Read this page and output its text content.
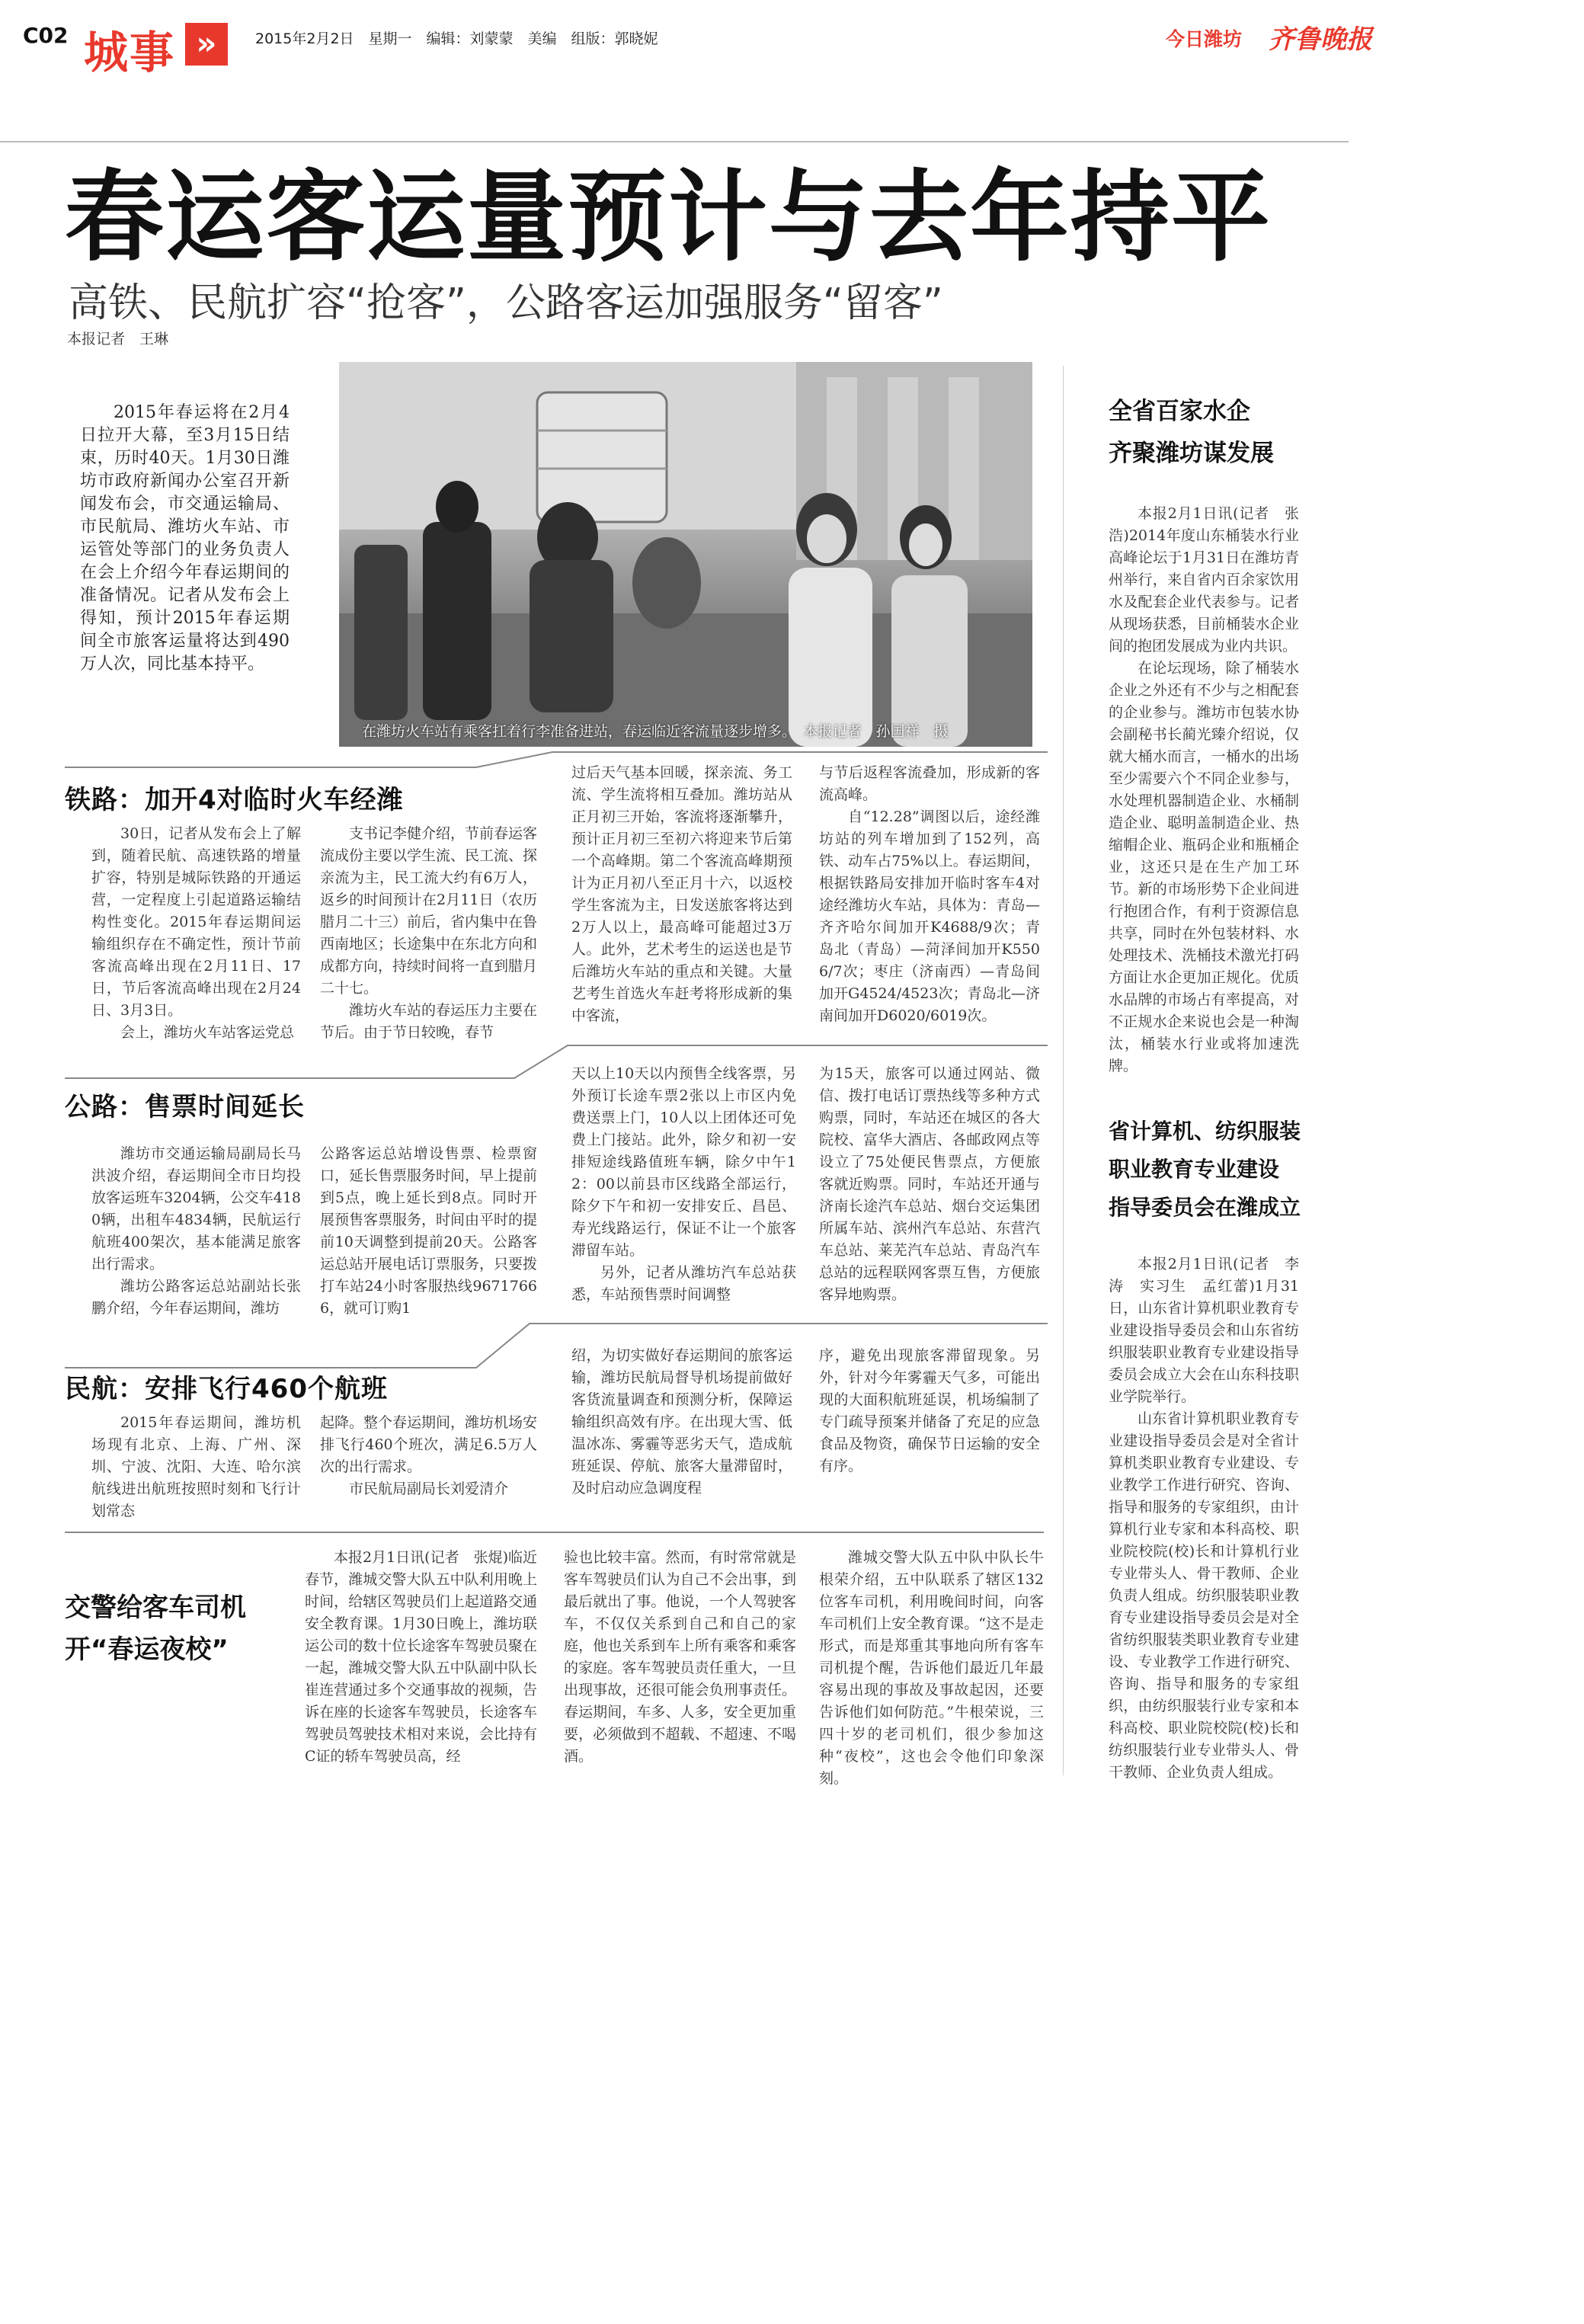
C02 城事 »	2015年2月2日　星期一　编辑：刘蒙蒙　美编　组版：郭晓妮	今日潍坊 齐鲁晚报
春运客运量预计与去年持平
高铁、民航扩容“抢客”，公路客运加强服务“留客”
本报记者　王琳
2015年春运将在2月4日拉开大幕，至3月15日结束，历时40天。1月30日潍坊市政府新闻办公室召开新闻发布会，市交通运输局、市民航局、潍坊火车站、市运管处等部门的业务负责人在会上介绍今年春运期间的准备情况。记者从发布会上得知，预计2015年春运期间全市旅客运量将达到490万人次，同比基本持平。
在潍坊火车站有乘客扛着行李准备进站，春运临近客流量逐步增多。　本报记者　孙国祥　摄
铁路：加开4对临时火车经潍

30日，记者从发布会上了解到，随着民航、高速铁路的增量扩容，特别是城际铁路的开通运营，一定程度上引起道路运输结构性变化。2015年春运期间运输组织存在不确定性，预计节前客流高峰出现在2月11日、17日，节后客流高峰出现在2月24日、3月3日。

会上，潍坊火车站客运党总

支书记李健介绍，节前春运客流成份主要以学生流、民工流、探亲流为主，民工流大约有6万人，返乡的时间预计在2月11日（农历腊月二十三）前后，省内集中在鲁西南地区；长途集中在东北方向和成都方向，持续时间将一直到腊月二十七。

潍坊火车站的春运压力主要在节后。由于节日较晚，春节

过后天气基本回暖，探亲流、务工流、学生流将相互叠加。潍坊站从正月初三开始，客流将逐渐攀升，预计正月初三至初六将迎来节后第一个高峰期。第二个客流高峰期预计为正月初八至正月十六，以返校学生客流为主，日发送旅客将达到2万人以上，最高峰可能超过3万人。此外，艺术考生的运送也是节后潍坊火车站的重点和关键。大量艺考生首选火车赶考将形成新的集中客流，

与节后返程客流叠加，形成新的客流高峰。

自“12.28”调图以后，途经潍坊站的列车增加到了152列，高铁、动车占75%以上。春运期间，根据铁路局安排加开临时客车4对途经潍坊火车站，具体为：青岛—齐齐哈尔间加开K4688/9次；青岛北（青岛）—菏泽间加开K5506/7次；枣庄（济南西）—青岛间加开G4524/4523次；青岛北—济南间加开D6020/6019次。

公路：售票时间延长

潍坊市交通运输局副局长马洪波介绍，春运期间全市日均投放客运班车3204辆，公交车4180辆，出租车4834辆，民航运行航班400架次，基本能满足旅客出行需求。

潍坊公路客运总站副站长张鹏介绍，今年春运期间，潍坊

公路客运总站增设售票、检票窗口，延长售票服务时间，早上提前到5点，晚上延长到8点。同时开展预售客票服务，时间由平时的提前10天调整到提前20天。公路客运总站开展电话订票服务，只要拨打车站24小时客服热线96717666，就可订购1

天以上10天以内预售全线客票，另外预订长途车票2张以上市区内免费送票上门，10人以上团体还可免费上门接站。此外，除夕和初一安排短途线路值班车辆，除夕中午12：00以前县市区线路全部运行，除夕下午和初一安排安丘、昌邑、寿光线路运行，保证不让一个旅客滞留车站。

另外，记者从潍坊汽车总站获悉，车站预售票时间调整

为15天，旅客可以通过网站、微信、拨打电话订票热线等多种方式购票，同时，车站还在城区的各大院校、富华大酒店、各邮政网点等设立了75处便民售票点，方便旅客就近购票。同时，车站还开通与济南长途汽车总站、烟台交运集团所属车站、滨州汽车总站、东营汽车总站、莱芜汽车总站、青岛汽车总站的远程联网客票互售，方便旅客异地购票。

民航：安排飞行460个航班

2015年春运期间，潍坊机场现有北京、上海、广州、深圳、宁波、沈阳、大连、哈尔滨航线进出航班按照时刻和飞行计划常态

起降。整个春运期间，潍坊机场安排飞行460个班次，满足6.5万人次的出行需求。

市民航局副局长刘爱清介

绍，为切实做好春运期间的旅客运输，潍坊民航局督导机场提前做好客货流量调查和预测分析，保障运输组织高效有序。在出现大雪、低温冰冻、雾霾等恶劣天气，造成航班延误、停航、旅客大量滞留时，及时启动应急调度程

序，避免出现旅客滞留现象。另外，针对今年雾霾天气多，可能出现的大面积航班延误，机场编制了专门疏导预案并储备了充足的应急食品及物资，确保节日运输的安全有序。

交警给客车司机
开“春运夜校”

本报2月1日讯(记者　张焜)临近春节，潍城交警大队五中队利用晚上时间，给辖区驾驶员们上起道路交通安全教育课。1月30日晚上，潍坊联运公司的数十位长途客车驾驶员聚在一起，潍城交警大队五中队副中队长崔连营通过多个交通事故的视频，告诉在座的长途客车驾驶员，长途客车驾驶员驾驶技术相对来说，会比持有C证的轿车驾驶员高，经

验也比较丰富。然而，有时常常就是客车驾驶员们认为自己不会出事，到最后就出了事。他说，一个人驾驶客车，不仅仅关系到自己和自己的家庭，他也关系到车上所有乘客和乘客的家庭。客车驾驶员责任重大，一旦出现事故，还很可能会负刑事责任。春运期间，车多、人多，安全更加重要，必须做到不超载、不超速、不喝酒。

潍城交警大队五中队中队长牛根荣介绍，五中队联系了辖区132位客车司机，利用晚间时间，向客车司机们上安全教育课。“这不是走形式，而是郑重其事地向所有客车司机提个醒，告诉他们最近几年最容易出现的事故及事故起因，还要告诉他们如何防范。”牛根荣说，三四十岁的老司机们，很少参加这种“夜校”，这也会令他们印象深刻。

全省百家水企
齐聚潍坊谋发展

本报2月1日讯(记者　张浩)2014年度山东桶装水行业高峰论坛于1月31日在潍坊青州举行，来自省内百余家饮用水及配套企业代表参与。记者从现场获悉，目前桶装水企业间的抱团发展成为业内共识。

在论坛现场，除了桶装水企业之外还有不少与之相配套的企业参与。潍坊市包装水协会副秘书长蔺光臻介绍说，仅就大桶水而言，一桶水的出场至少需要六个不同企业参与，水处理机器制造企业、水桶制造企业、聪明盖制造企业、热缩帽企业、瓶码企业和瓶桶企业，这还只是在生产加工环节。新的市场形势下企业间进行抱团合作，有利于资源信息共享，同时在外包装材料、水处理技术、洗桶技术激光打码方面让水企更加正规化。优质水品牌的市场占有率提高，对不正规水企来说也会是一种淘汰，桶装水行业或将加速洗牌。

省计算机、纺织服装
职业教育专业建设
指导委员会在潍成立

本报2月1日讯(记者　李涛　实习生　孟红蕾)1月31日，山东省计算机职业教育专业建设指导委员会和山东省纺织服装职业教育专业建设指导委员会成立大会在山东科技职业学院举行。

山东省计算机职业教育专业建设指导委员会是对全省计算机类职业教育专业建设、专业教学工作进行研究、咨询、指导和服务的专家组织，由计算机行业专家和本科高校、职业院校院(校)长和计算机行业专业带头人、骨干教师、企业负责人组成。纺织服装职业教育专业建设指导委员会是对全省纺织服装类职业教育专业建设、专业教学工作进行研究、咨询、指导和服务的专家组织，由纺织服装行业专家和本科高校、职业院校院(校)长和纺织服装行业专业带头人、骨干教师、企业负责人组成。
